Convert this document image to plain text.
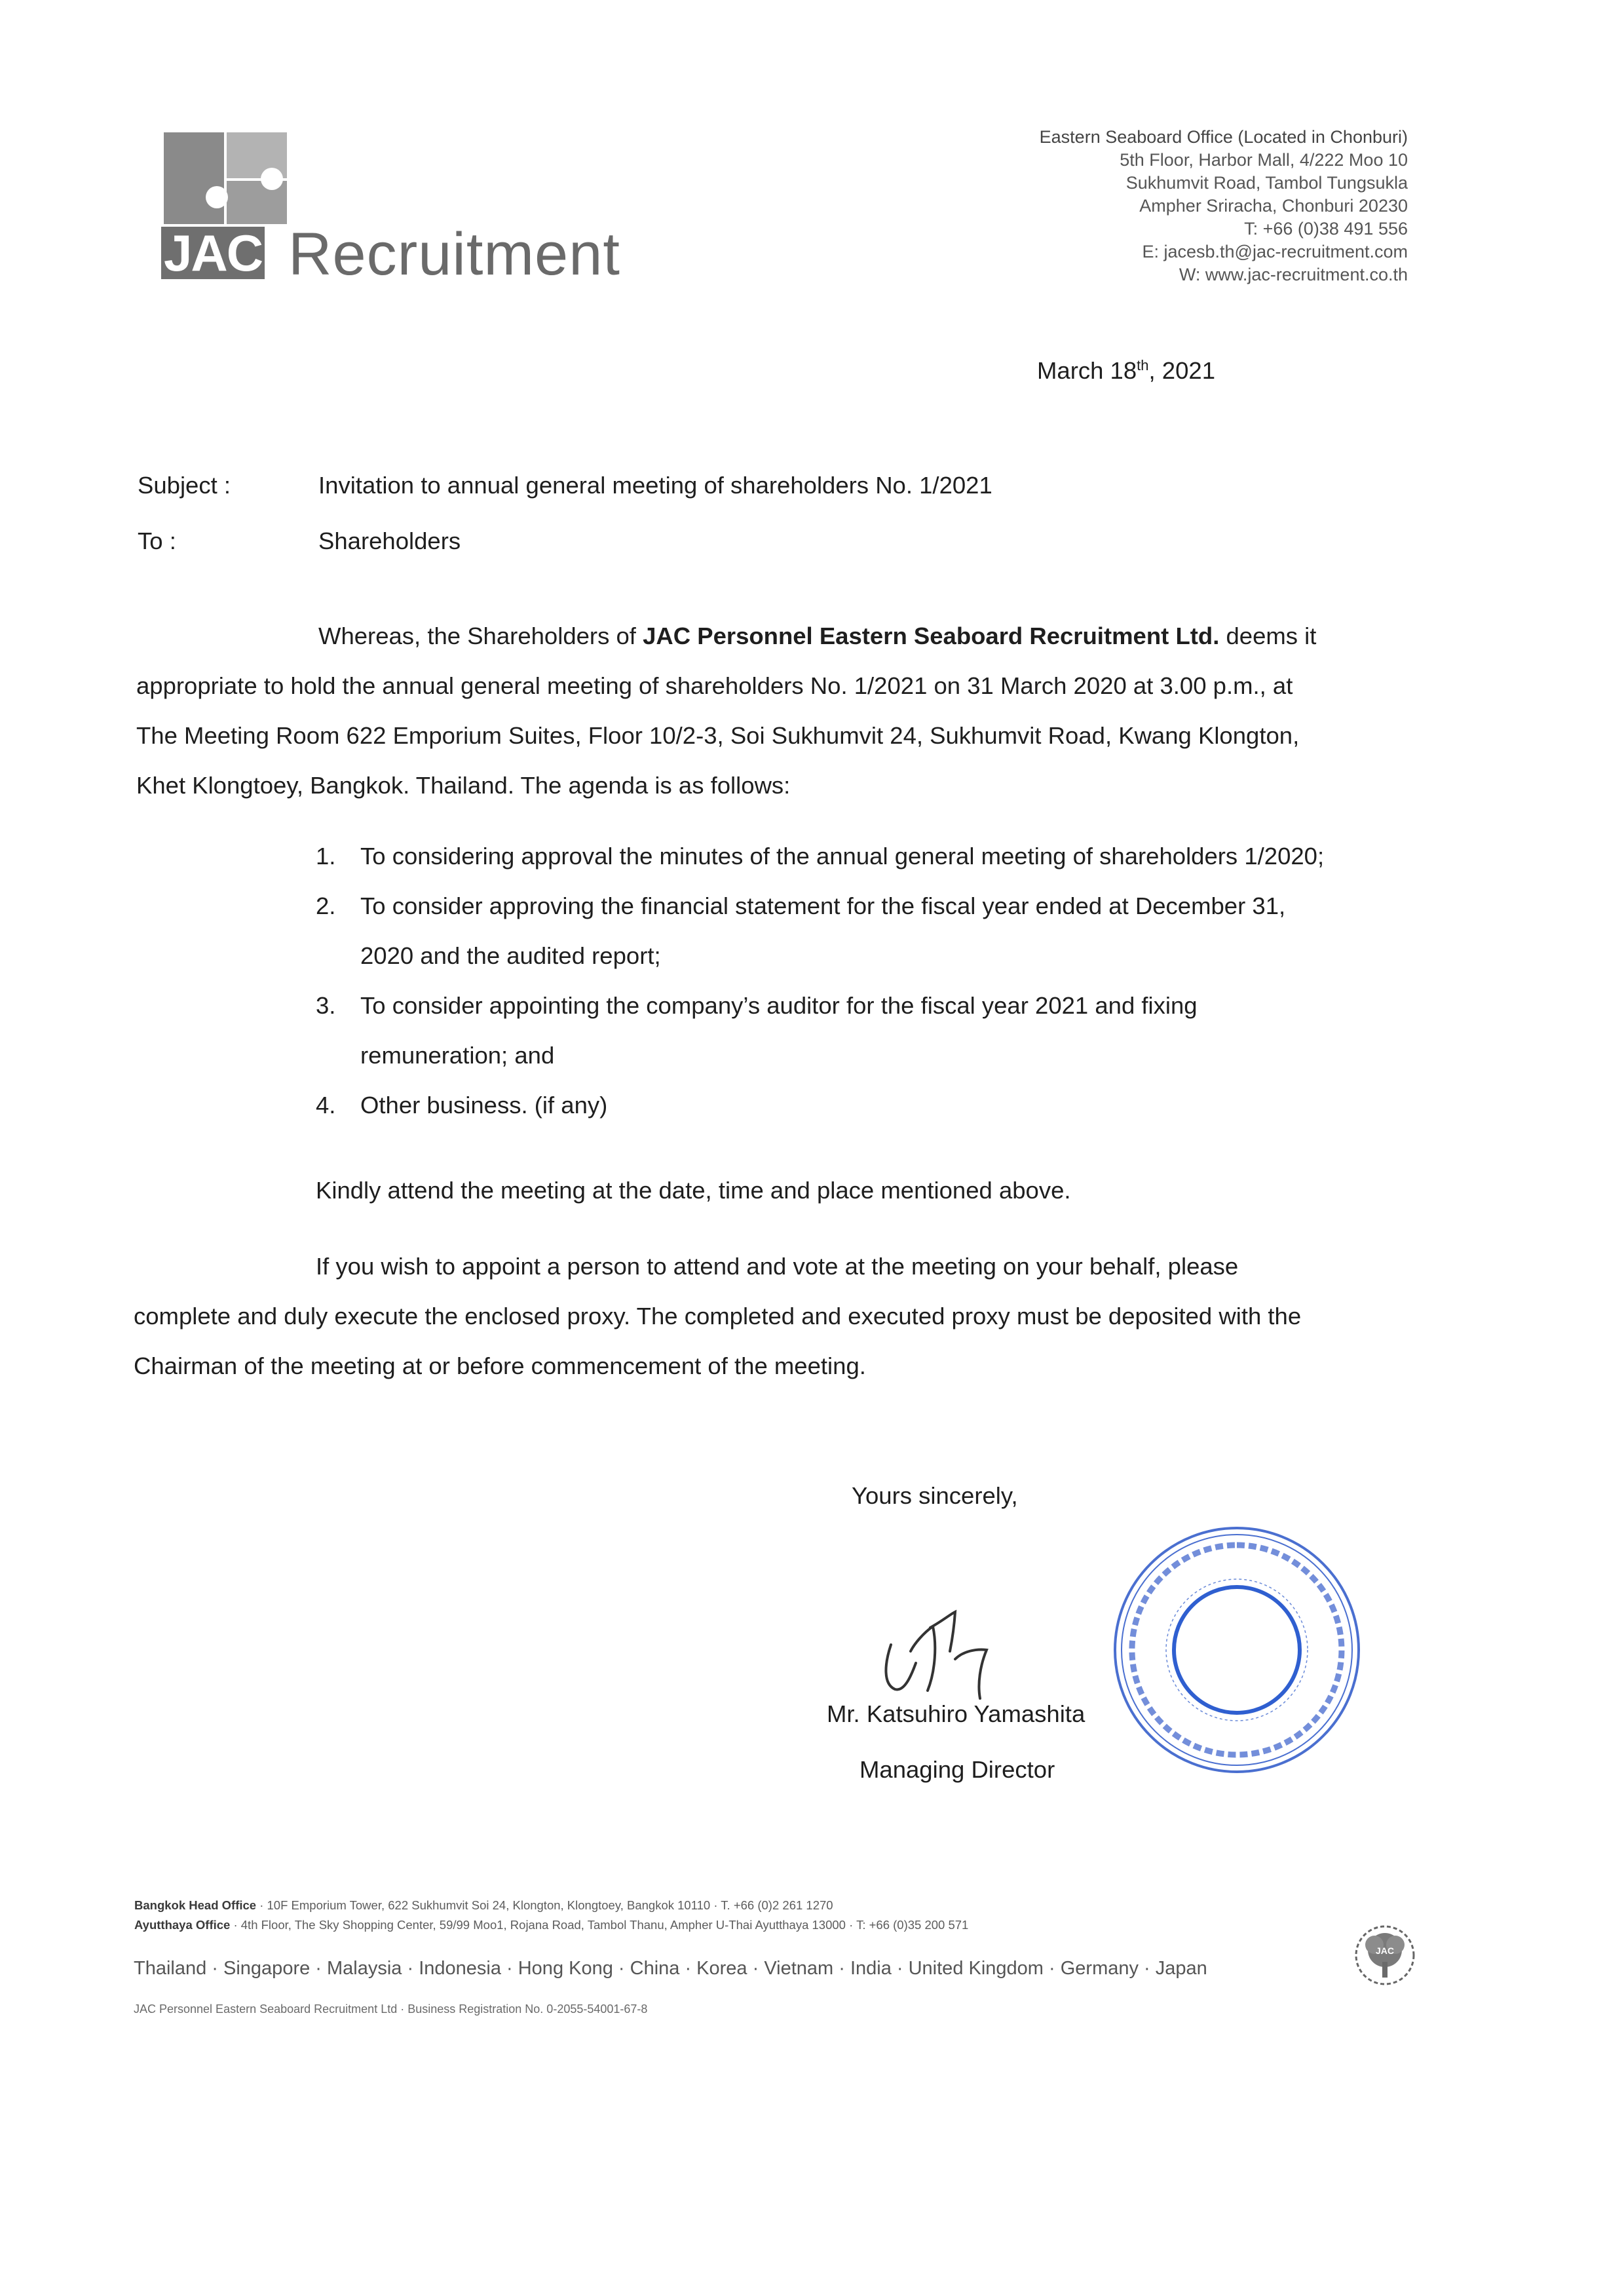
JAC Recruitment
Eastern Seaboard Office (Located in Chonburi)
5th Floor, Harbor Mall, 4/222 Moo 10
Sukhumvit Road, Tambol Tungsukla
Ampher Sriracha, Chonburi 20230
T: +66 (0)38 491 556
E: jacesb.th@jac-recruitment.com
W: www.jac-recruitment.co.th
March 18th, 2021
Subject :	Invitation to annual general meeting of shareholders No. 1/2021
To :	Shareholders
Whereas, the Shareholders of JAC Personnel Eastern Seaboard Recruitment Ltd. deems it
appropriate to hold the annual general meeting of shareholders No. 1/2021 on 31 March 2020 at 3.00 p.m., at
The Meeting Room 622 Emporium Suites, Floor 10/2-3, Soi Sukhumvit 24, Sukhumvit Road, Kwang Klongton,
Khet Klongtoey, Bangkok. Thailand. The agenda is as follows:
1. To considering approval the minutes of the annual general meeting of shareholders 1/2020;
2. To consider approving the financial statement for the fiscal year ended at December 31,
2020 and the audited report;
3. To consider appointing the company’s auditor for the fiscal year 2021 and fixing
remuneration; and
4. Other business. (if any)
Kindly attend the meeting at the date, time and place mentioned above.
If you wish to appoint a person to attend and vote at the meeting on your behalf, please
complete and duly execute the enclosed proxy. The completed and executed proxy must be deposited with the
Chairman of the meeting at or before commencement of the meeting.
Yours sincerely,
Mr. Katsuhiro Yamashita
Managing Director
Bangkok Head Office · 10F Emporium Tower, 622 Sukhumvit Soi 24, Klongton, Klongtoey, Bangkok 10110 · T. +66 (0)2 261 1270
Ayutthaya Office · 4th Floor, The Sky Shopping Center, 59/99 Moo1, Rojana Road, Tambol Thanu, Ampher U-Thai Ayutthaya 13000 · T: +66 (0)35 200 571
Thailand · Singapore · Malaysia · Indonesia · Hong Kong · China · Korea · Vietnam · India · United Kingdom · Germany · Japan
JAC Personnel Eastern Seaboard Recruitment Ltd · Business Registration No. 0-2055-54001-67-8
JAC
